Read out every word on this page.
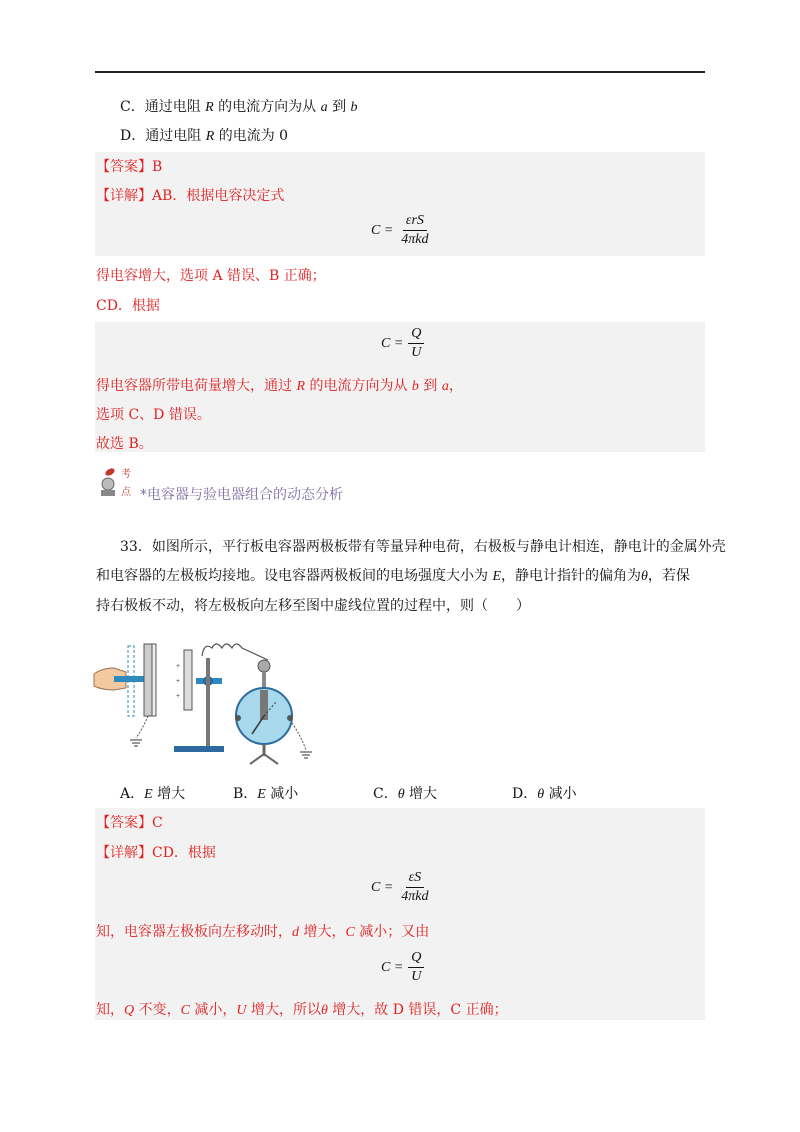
C．通过电阻 R 的电流方向为从 a 到 b
D．通过电阻 R 的电流为 0
【答案】B
【详解】AB．根据电容决定式
$C = \frac{\text{εrS}}{\text{4πkd}}$
得电容增大，选项 A 错误、B 正确；
CD．根据
$C = \frac{Q}{U}$
得电容器所带电荷量增大，通过 R 的电流方向为从 b 到 a，
选项 C、D 错误。
故选 B。
考
点 *电容器与验电器组合的动态分析
33．如图所示，平行板电容器两极板带有等量异种电荷，右极板与静电计相连，静电计的金属外壳
和电容器的左极板均接地。设电容器两极板间的电场强度大小为 E，静电计指针的偏角为θ，若保
持右极板不动，将左极板向左移至图中虚线位置的过程中，则（　　）
+
+
+
A．E 增大	B．E 减小	C．θ 增大	D．θ 减小
【答案】C
【详解】CD．根据
$C = \frac{\varepsilon S}{\text{4πkd}}$
知，电容器左极板向左移动时，d 增大，C 减小；又由
$C = \frac{Q}{U}$
知，Q 不变，C 减小，U 增大，所以θ 增大，故 D 错误，C 正确；
